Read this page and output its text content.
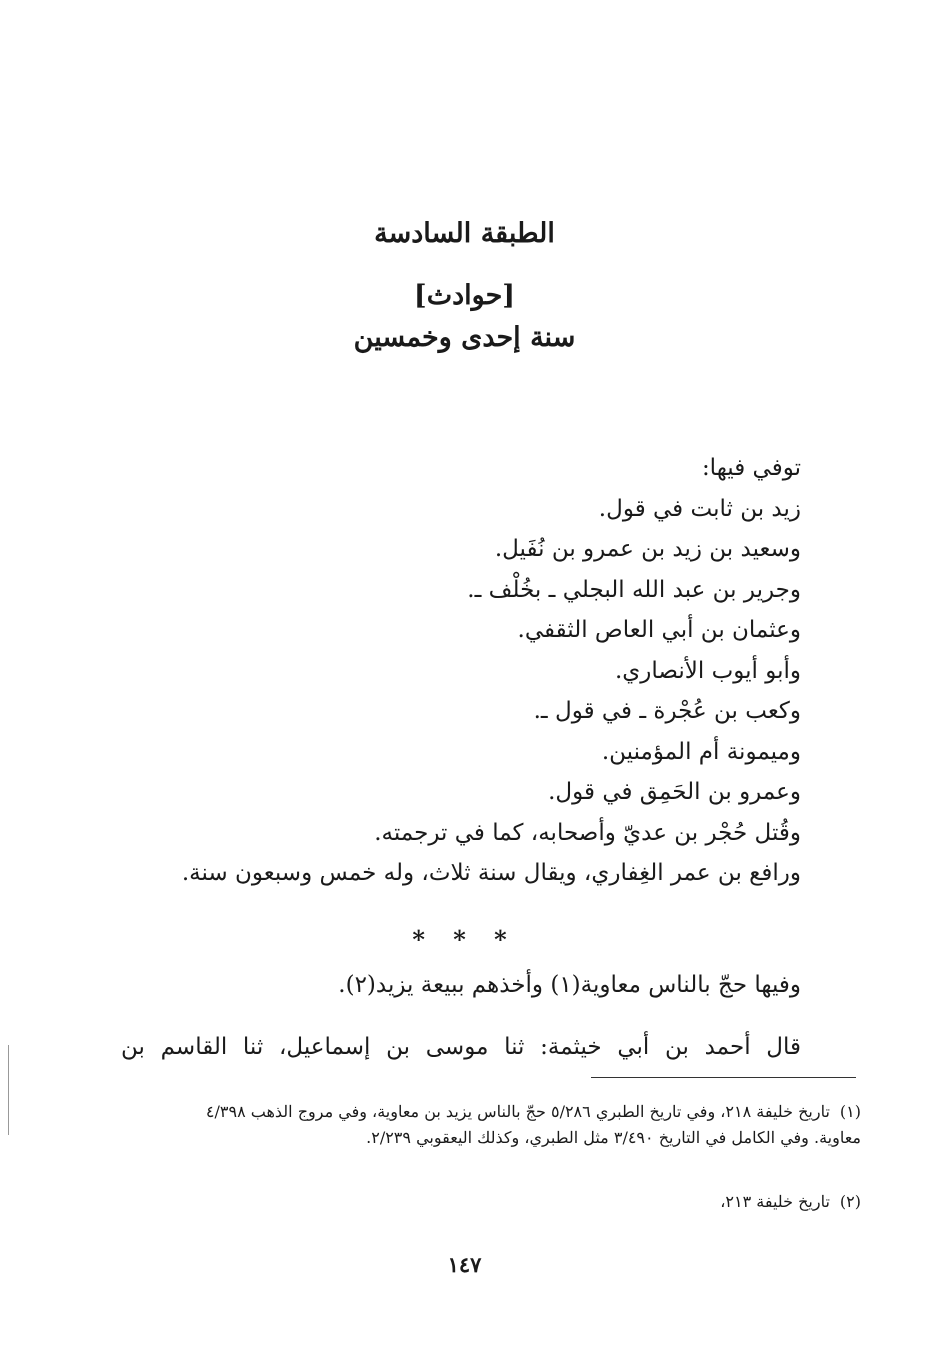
الطبقة السادسة
[حوادث]
سنة إحدى وخمسين
توفي فيها:
زيد بن ثابت في قول.
وسعيد بن زيد بن عمرو بن نُفَيل.
وجرير بن عبد الله البجلي ـ بخُلْف ـ.
وعثمان بن أبي العاص الثقفي.
وأبو أيوب الأنصاري.
وكعب بن عُجْرة ـ في قول ـ.
وميمونة أم المؤمنين.
وعمرو بن الحَمِق في قول.
وقُتل حُجْر بن عديّ وأصحابه، كما في ترجمته.
ورافع بن عمر الغِفاري، ويقال سنة ثلاث، وله خمس وسبعون سنة.
* * *
وفيها حجّ بالناس معاوية(١) وأخذهم ببيعة يزيد(٢).
قال أحمد بن أبي خيثمة: ثنا موسى بن إسماعيل، ثنا القاسم بن
(١)تاريخ خليفة ٢١٨، وفي تاريخ الطبري ٥/٢٨٦ حجّ بالناس يزيد بن معاوية، وفي مروج الذهب ٤/٣٩٨ معاوية. وفي الكامل في التاريخ ٣/٤٩٠ مثل الطبري، وكذلك اليعقوبي ٢/٢٣٩.
(٢)تاريخ خليفة ٢١٣،
١٤٧
